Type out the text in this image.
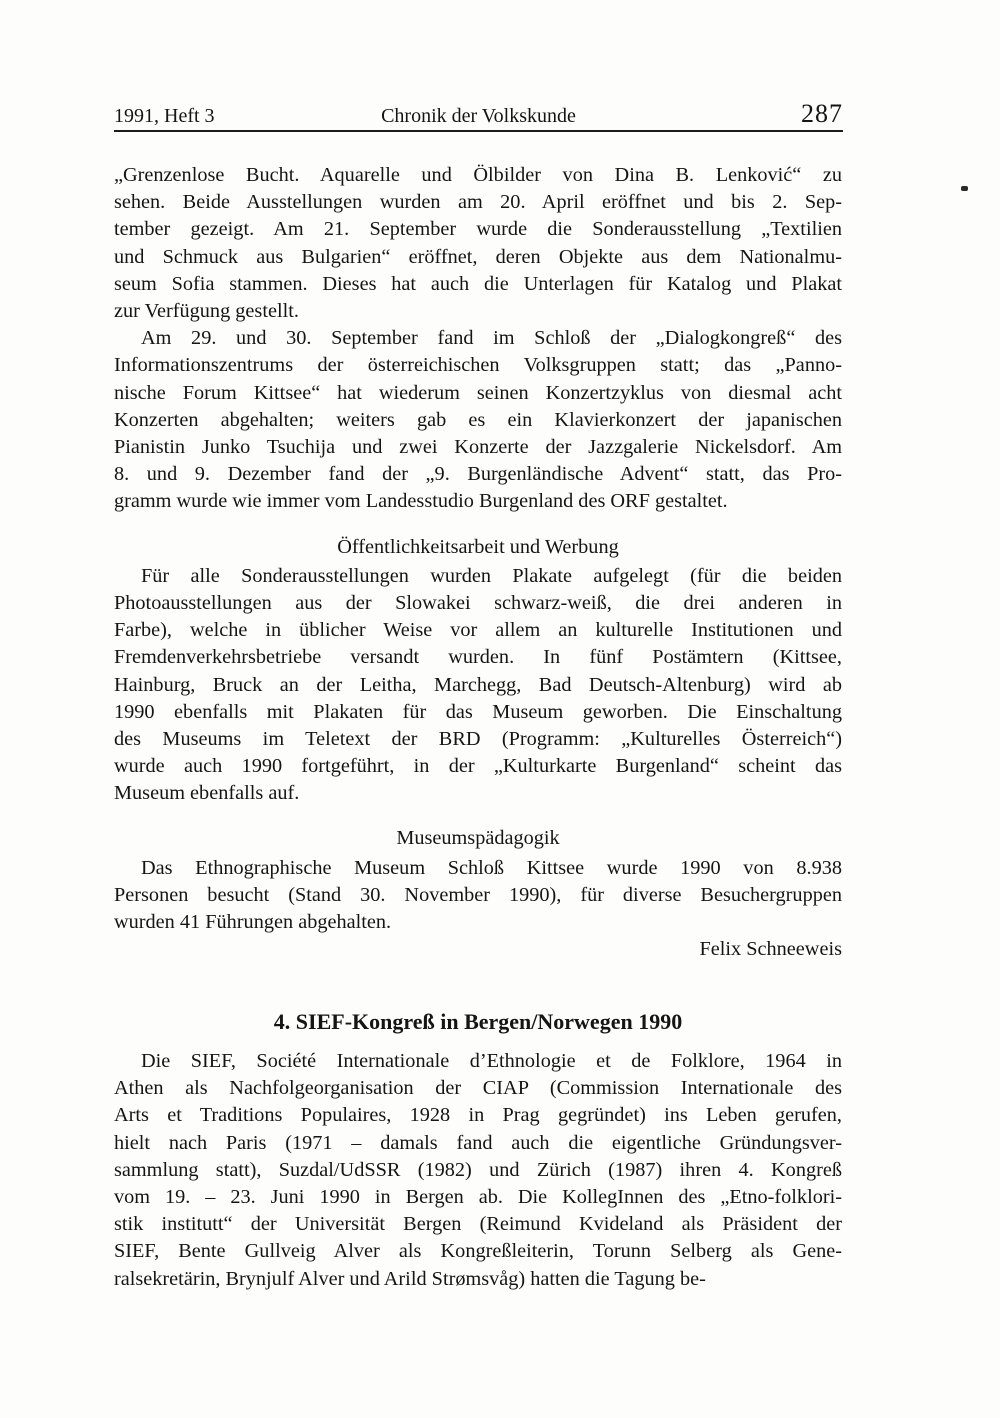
1991, Heft 3	Chronik der Volkskunde	287
„Grenzenlose Bucht. Aquarelle und Ölbilder von Dina B. Lenković“ zu
sehen. Beide Ausstellungen wurden am 20. April eröffnet und bis 2. Sep-
tember gezeigt. Am 21. September wurde die Sonderausstellung „Textilien
und Schmuck aus Bulgarien“ eröffnet, deren Objekte aus dem Nationalmu-
seum Sofia stammen. Dieses hat auch die Unterlagen für Katalog und Plakat
zur Verfügung gestellt.
Am 29. und 30. September fand im Schloß der „Dialogkongreß“ des
Informationszentrums der österreichischen Volksgruppen statt; das „Panno-
nische Forum Kittsee“ hat wiederum seinen Konzertzyklus von diesmal acht
Konzerten abgehalten; weiters gab es ein Klavierkonzert der japanischen
Pianistin Junko Tsuchija und zwei Konzerte der Jazzgalerie Nickelsdorf. Am
8. und 9. Dezember fand der „9. Burgenländische Advent“ statt, das Pro-
gramm wurde wie immer vom Landesstudio Burgenland des ORF gestaltet.
Öffentlichkeitsarbeit und Werbung
Für alle Sonderausstellungen wurden Plakate aufgelegt (für die beiden
Photoausstellungen aus der Slowakei schwarz-weiß, die drei anderen in
Farbe), welche in üblicher Weise vor allem an kulturelle Institutionen und
Fremdenverkehrsbetriebe versandt wurden. In fünf Postämtern (Kittsee,
Hainburg, Bruck an der Leitha, Marchegg, Bad Deutsch-Altenburg) wird ab
1990 ebenfalls mit Plakaten für das Museum geworben. Die Einschaltung
des Museums im Teletext der BRD (Programm: „Kulturelles Österreich“)
wurde auch 1990 fortgeführt, in der „Kulturkarte Burgenland“ scheint das
Museum ebenfalls auf.
Museumspädagogik
Das Ethnographische Museum Schloß Kittsee wurde 1990 von 8.938
Personen besucht (Stand 30. November 1990), für diverse Besuchergruppen
wurden 41 Führungen abgehalten.
Felix Schneeweis
4. SIEF-Kongreß in Bergen/Norwegen 1990
Die SIEF, Société Internationale d’Ethnologie et de Folklore, 1964 in
Athen als Nachfolgeorganisation der CIAP (Commission Internationale des
Arts et Traditions Populaires, 1928 in Prag gegründet) ins Leben gerufen,
hielt nach Paris (1971 – damals fand auch die eigentliche Gründungsver-
sammlung statt), Suzdal/UdSSR (1982) und Zürich (1987) ihren 4. Kongreß
vom 19. – 23. Juni 1990 in Bergen ab. Die KollegInnen des „Etno-folklori-
stik institutt“ der Universität Bergen (Reimund Kvideland als Präsident der
SIEF, Bente Gullveig Alver als Kongreßleiterin, Torunn Selberg als Gene-
ralsekretärin, Brynjulf Alver und Arild Strømsvåg) hatten die Tagung be-
